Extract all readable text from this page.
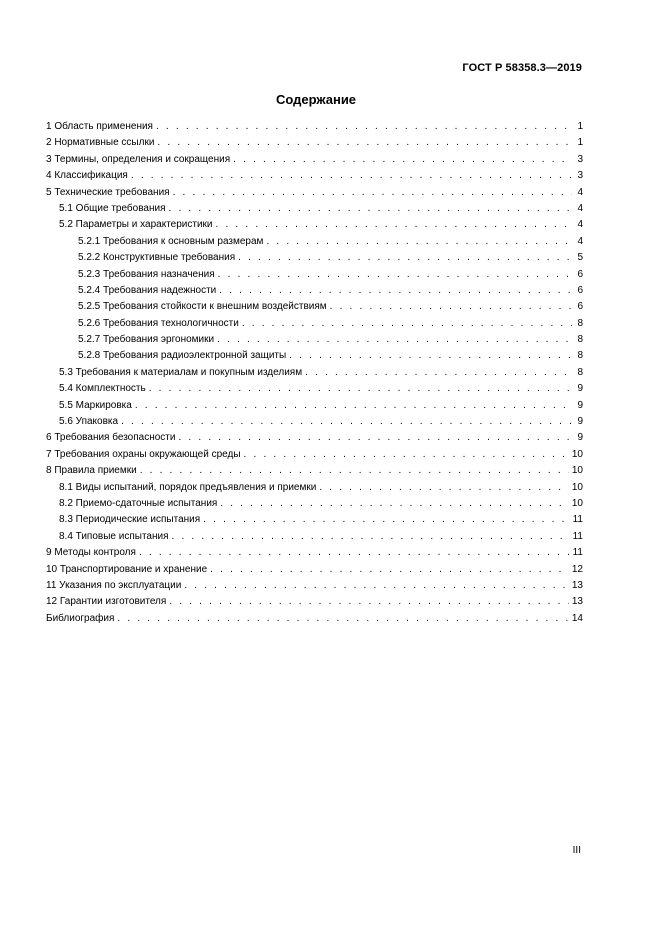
ГОСТ Р 58358.3—2019
Содержание
1 Область применения . . .	1
2 Нормативные ссылки . . .	1
3 Термины, определения и сокращения . . .	3
4 Классификация . . .	3
5 Технические требования . . .	4
5.1 Общие требования . . .	4
5.2 Параметры и характеристики . . .	4
5.2.1 Требования к основным размерам . . .	4
5.2.2 Конструктивные требования . . .	5
5.2.3 Требования назначения . . .	6
5.2.4 Требования надежности . . .	6
5.2.5 Требования стойкости к внешним воздействиям . . .	6
5.2.6 Требования технологичности . . .	8
5.2.7 Требования эргономики . . .	8
5.2.8 Требования радиоэлектронной защиты . . .	8
5.3 Требования к материалам и покупным изделиям . . .	8
5.4 Комплектность . . .	9
5.5 Маркировка . . .	9
5.6 Упаковка . . .	9
6 Требования безопасности . . .	9
7 Требования охраны окружающей среды . . .	10
8 Правила приемки . . .	10
8.1 Виды испытаний, порядок предъявления и приемки . . .	10
8.2 Приемо-сдаточные испытания . . .	10
8.3 Периодические испытания . . .	11
8.4 Типовые испытания . . .	11
9 Методы контроля . . .	11
10 Транспортирование и хранение . . .	12
11 Указания по эксплуатации . . .	13
12 Гарантии изготовителя . . .	13
Библиография . . .	14
III
